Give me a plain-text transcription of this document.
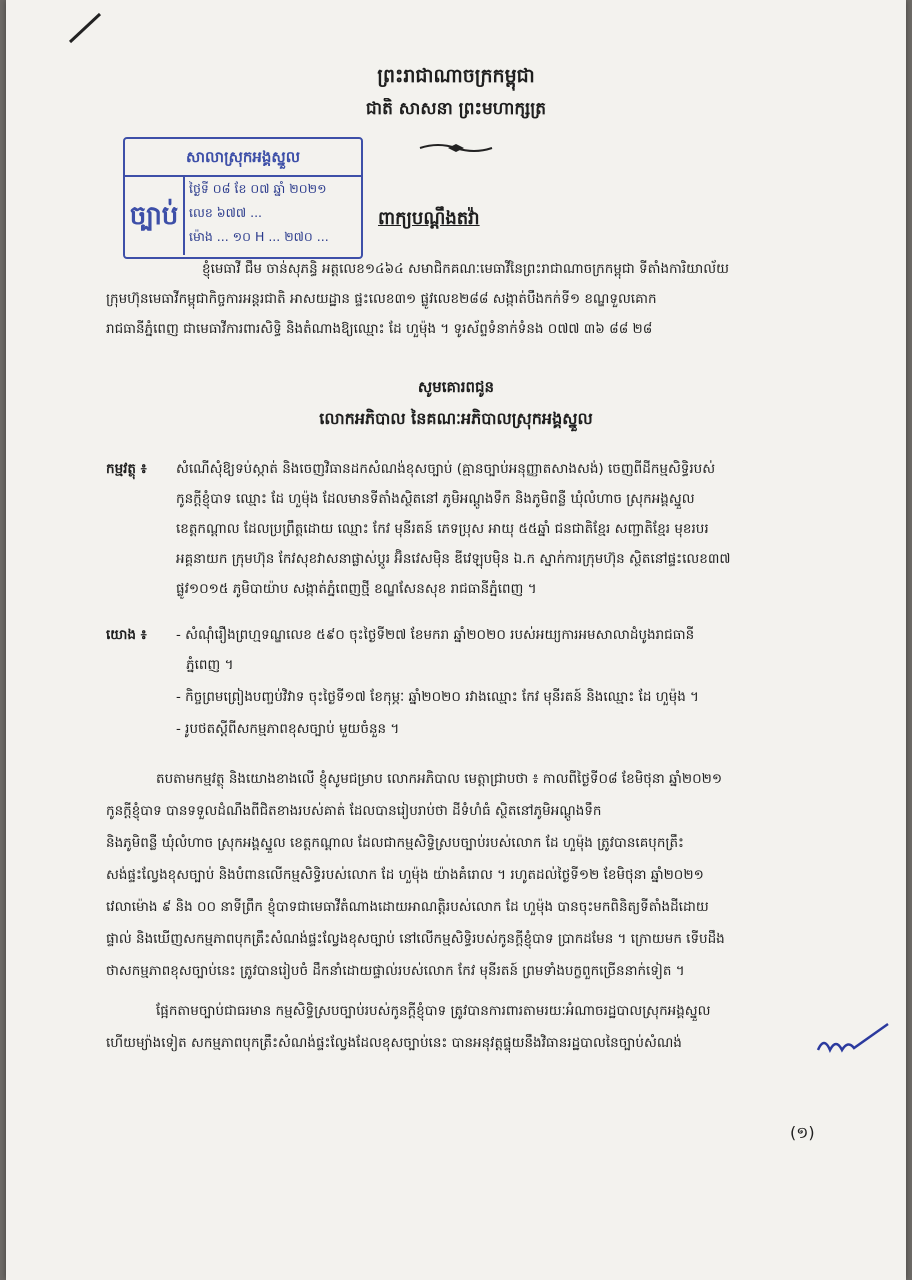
ព្រះរាជាណាចក្រកម្ពុជា
ជាតិ សាសនា ព្រះមហាក្សត្រ
សាលាស្រុកអង្គស្នួល
ច្បាប់
ថ្ងៃទី ០៨ ខែ ០៧ ឆ្នាំ ២០២១
លេខ ៦៧៧ ...
ម៉ោង ... ១០ H ... ២៧០ ...
ពាក្យបណ្ដឹងតវ៉ា
ខ្ញុំមេធាវី ជឹម ចាន់សុភន្ធិ អត្តលេខ១៤៦៤ សមាជិកគណៈមេធាវីនៃព្រះរាជាណាចក្រកម្ពុជា ទីតាំងការិយាល័យ
ក្រុមហ៊ុនមេធាវីកម្ពុជាកិច្ចការអន្តរជាតិ អាសយដ្ឋាន ផ្ទះលេខ៣១ ផ្លូវលេខ២៨៨ សង្កាត់បឹងកក់ទី១ ខណ្ឌទួលគោក
រាជធានីភ្នំពេញ ជាមេធាវីការពារសិទ្ធិ និងតំណាងឱ្យឈ្មោះ ដែ ហួម៉ុង ។ ទូរស័ព្ទទំនាក់ទំនង ០៧៧ ៣៦ ៨៨ ២៨
សូមគោរពជូន
លោកអភិបាល នៃគណៈអភិបាលស្រុកអង្គស្នួល
កម្មវត្ថុ ៖ សំណើសុំឱ្យទប់ស្កាត់ និងចេញវិធានដកសំណង់ខុសច្បាប់ (គ្មានច្បាប់អនុញ្ញាតសាងសង់) ចេញពីដីកម្មសិទ្ធិរបស់
កូនក្ដីខ្ញុំបាទ ឈ្មោះ ដែ ហួម៉ុង ដែលមានទីតាំងស្ថិតនៅ ភូមិអណ្ដូងទឹក និងភូមិពន្លឺ ឃុំលំហាច ស្រុកអង្គស្នួល
ខេត្តកណ្ដាល ដែលប្រព្រឹត្តដោយ ឈ្មោះ កែវ មុនីរតន៍ ភេទប្រុស អាយុ ៥៥ឆ្នាំ ជនជាតិខ្មែរ សញ្ជាតិខ្មែរ មុខរបរ
អគ្គនាយក ក្រុមហ៊ុន កែវសុខវាសនាផ្លាស់ប្តូរ អ៊ិនវេសម៉ិន ឌីវេឡុបម៉ិន ឯ.ក ស្នាក់ការក្រុមហ៊ុន ស្ថិតនៅផ្ទះលេខ៣៧
ផ្លូវ១០១៥ ភូមិបាយ៉ាប សង្កាត់ភ្នំពេញថ្មី ខណ្ឌសែនសុខ រាជធានីភ្នំពេញ ។
យោង ៖ - សំណុំរឿងព្រហ្មទណ្ឌលេខ ៥៩០ ចុះថ្ងៃទី២៧ ខែមករា ឆ្នាំ២០២០ របស់អយ្យការអមសាលាដំបូងរាជធានី
ភ្នំពេញ ។
- កិច្ចព្រមព្រៀងបញ្ចប់វិវាទ ចុះថ្ងៃទី១៧ ខែកុម្ភៈ ឆ្នាំ២០២០ រវាងឈ្មោះ កែវ មុនីរតន៍ និងឈ្មោះ ដែ ហួម៉ុង ។
- រូបថតស្ដីពីសកម្មភាពខុសច្បាប់ មួយចំនួន ។
តបតាមកម្មវត្ថុ និងយោងខាងលើ ខ្ញុំសូមជម្រាប លោកអភិបាល មេត្តាជ្រាបថា ៖ កាលពីថ្ងៃទី០៨ ខែមិថុនា ឆ្នាំ២០២១
កូនក្ដីខ្ញុំបាទ បានទទួលដំណឹងពីជិតខាងរបស់គាត់ ដែលបានរៀបរាប់ថា ដីទំហំធំ ស្ថិតនៅភូមិអណ្ដូងទឹក
និងភូមិពន្លឺ ឃុំលំហាច ស្រុកអង្គស្នួល ខេត្តកណ្ដាល ដែលជាកម្មសិទ្ធិស្របច្បាប់របស់លោក ដែ ហួម៉ុង ត្រូវបានគេបុកត្រឹះ
សង់ផ្ទះល្វែងខុសច្បាប់ និងបំពានលើកម្មសិទ្ធិរបស់លោក ដែ ហួម៉ុង យ៉ាងគំរោល ។ រហូតដល់ថ្ងៃទី១២ ខែមិថុនា ឆ្នាំ២០២១
វេលាម៉ោង ៩ និង ០០ នាទីព្រឹក ខ្ញុំបាទជាមេធាវីតំណាងដោយអាណត្តិរបស់លោក ដែ ហួម៉ុង បានចុះមកពិនិត្យទីតាំងដីដោយ
ផ្ទាល់ និងឃើញសកម្មភាពបុកត្រឹះសំណង់ផ្ទះល្វែងខុសច្បាប់ នៅលើកម្មសិទ្ធិរបស់កូនក្ដីខ្ញុំបាទ ប្រាកដមែន ។ ក្រោយមក ទើបដឹង
ថាសកម្មភាពខុសច្បាប់នេះ ត្រូវបានរៀបចំ ដឹកនាំដោយផ្ទាល់របស់លោក កែវ មុនីរតន៍ ព្រមទាំងបក្ខពួកច្រើននាក់ទៀត ។
ផ្អែកតាមច្បាប់ជាធរមាន កម្មសិទ្ធិស្របច្បាប់របស់កូនក្ដីខ្ញុំបាទ ត្រូវបានការពារតាមរយៈអំណាចរដ្ឋបាលស្រុកអង្គស្នួល
ហើយម្យ៉ាងទៀត សកម្មភាពបុកត្រឹះសំណង់ផ្ទះល្វែងដែលខុសច្បាប់នេះ បានអនុវត្តផ្ទុយនឹងវិធានរដ្ឋបាលនៃច្បាប់សំណង់
(១)
